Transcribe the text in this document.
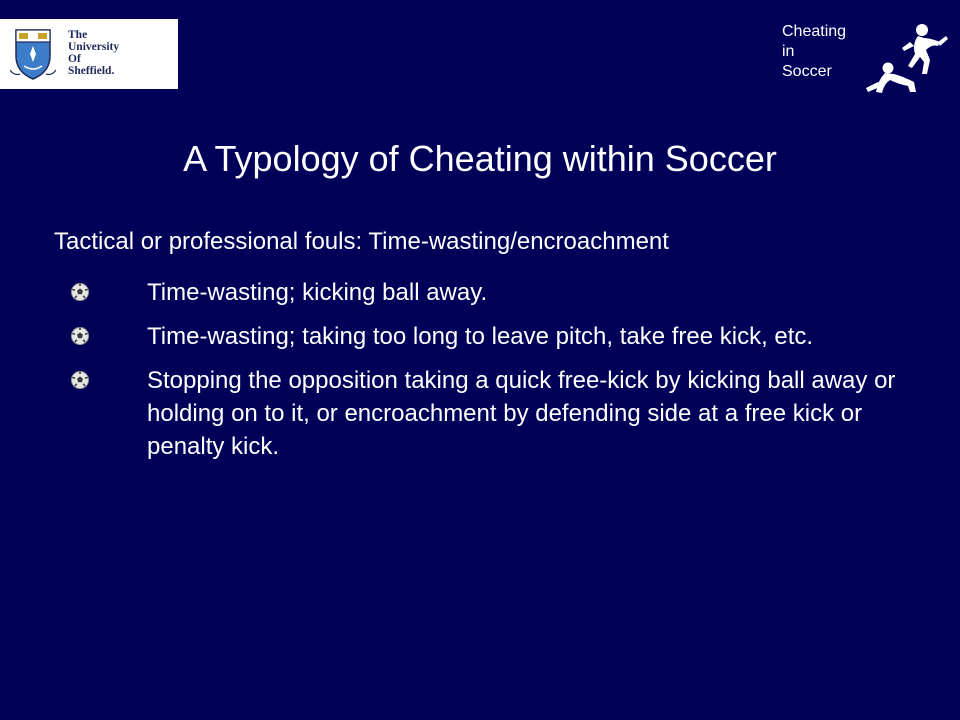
The
University
Of
Sheffield.
Cheating
in
Soccer
A Typology of Cheating within Soccer
Tactical or professional fouls: Time-wasting/encroachment
Time-wasting; kicking ball away.
Time-wasting; taking too long to leave pitch, take free kick, etc.
Stopping the opposition taking a quick free-kick by kicking ball away or holding on to it, or encroachment by defending side at a free kick or penalty kick.
